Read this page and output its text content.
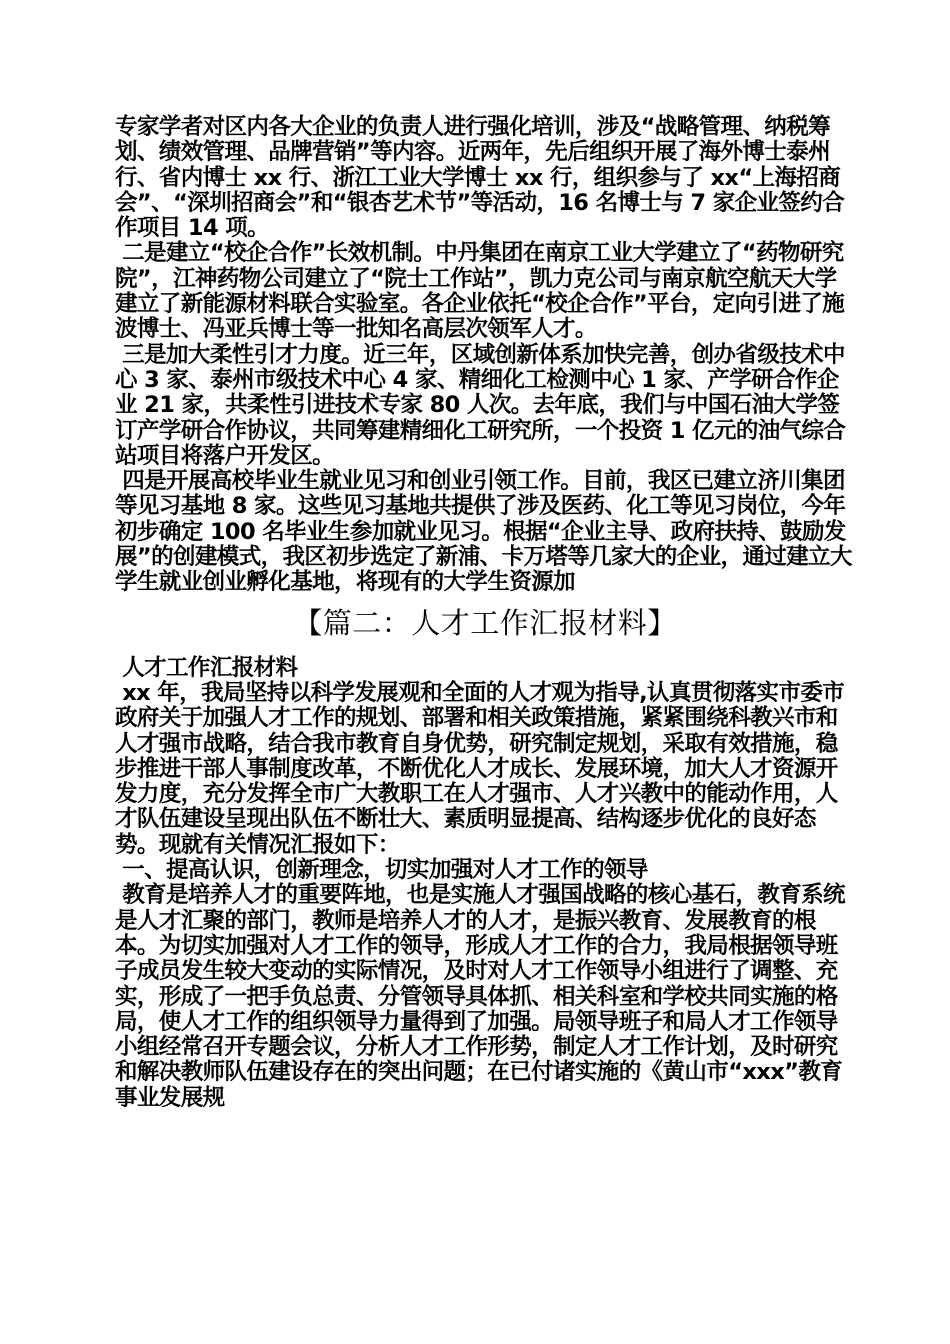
专家学者对区内各大企业的负责人进行强化培训，涉及“战略管理、纳税筹划、绩效管理、品牌营销”等内容。近两年，先后组织开展了海外博士泰州行、省内博士 xx 行、浙江工业大学博士 xx 行，组织参与了 xx“上海招商会”、“深圳招商会”和“银杏艺术节”等活动，16 名博士与 7 家企业签约合作项目 14 项。

二是建立“校企合作”长效机制。中丹集团在南京工业大学建立了“药物研究院”，江神药物公司建立了“院士工作站”，凯力克公司与南京航空航天大学建立了新能源材料联合实验室。各企业依托“校企合作”平台，定向引进了施波博士、冯亚兵博士等一批知名高层次领军人才。

三是加大柔性引才力度。近三年，区域创新体系加快完善，创办省级技术中心 3 家、泰州市级技术中心 4 家、精细化工检测中心 1 家、产学研合作企业 21 家，共柔性引进技术专家 80 人次。去年底，我们与中国石油大学签订产学研合作协议，共同筹建精细化工研究所，一个投资 1 亿元的油气综合站项目将落户开发区。

四是开展高校毕业生就业见习和创业引领工作。目前，我区已建立济川集团等见习基地 8 家。这些见习基地共提供了涉及医药、化工等见习岗位，今年初步确定 100 名毕业生参加就业见习。根据“企业主导、政府扶持、鼓励发展”的创建模式，我区初步选定了新浦、卡万塔等几家大的企业，通过建立大学生就业创业孵化基地，将现有的大学生资源加

【篇二：人才工作汇报材料】

人才工作汇报材料

xx 年，我局坚持以科学发展观和全面的人才观为指导,认真贯彻落实市委市政府关于加强人才工作的规划、部署和相关政策措施，紧紧围绕科教兴市和人才强市战略，结合我市教育自身优势，研究制定规划，采取有效措施，稳步推进干部人事制度改革，不断优化人才成长、发展环境，加大人才资源开发力度，充分发挥全市广大教职工在人才强市、人才兴教中的能动作用，人才队伍建设呈现出队伍不断壮大、素质明显提高、结构逐步优化的良好态势。现就有关情况汇报如下：

一、提高认识，创新理念，切实加强对人才工作的领导

教育是培养人才的重要阵地，也是实施人才强国战略的核心基石，教育系统是人才汇聚的部门，教师是培养人才的人才，是振兴教育、发展教育的根本。为切实加强对人才工作的领导，形成人才工作的合力，我局根据领导班子成员发生较大变动的实际情况，及时对人才工作领导小组进行了调整、充实，形成了一把手负总责、分管领导具体抓、相关科室和学校共同实施的格局，使人才工作的组织领导力量得到了加强。局领导班子和局人才工作领导小组经常召开专题会议，分析人才工作形势，制定人才工作计划，及时研究和解决教师队伍建设存在的突出问题；在已付诸实施的《黄山市“xxx”教育事业发展规
